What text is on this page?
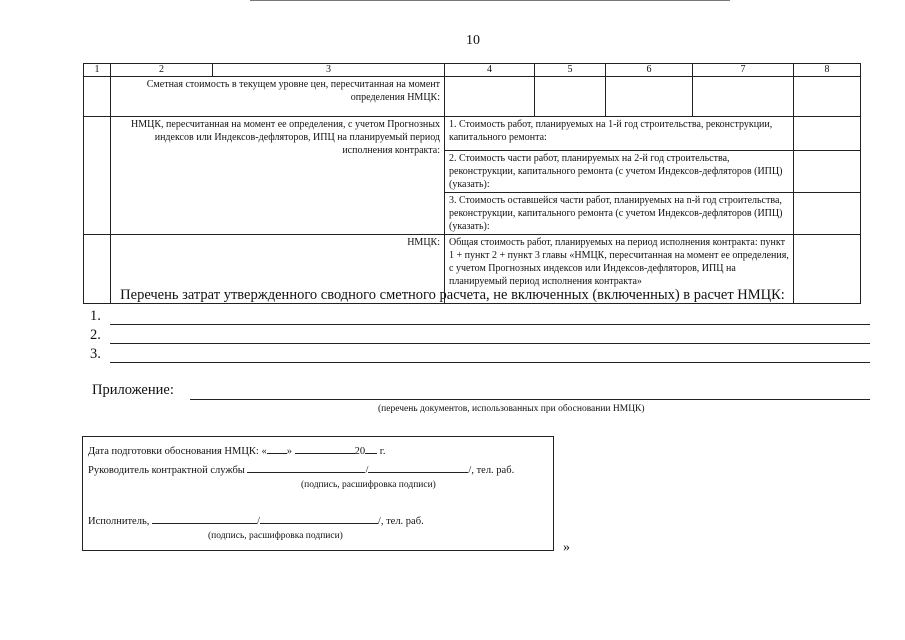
10
1	2	3	4	5	6	7	8
	Сметная стоимость в текущем уровне цен, пересчитанная на момент определения НМЦК:						
	НМЦК, пересчитанная на момент ее определения, с учетом Прогнозных индексов или Индексов-дефляторов, ИПЦ на планируемый период исполнения контракта:		1. Стоимость работ, планируемых на 1-й год строительства, реконструкции, капитального ремонта:				
			2. Стоимость части работ, планируемых на 2-й год строительства, реконструкции, капитального ремонта (с учетом Индексов-дефляторов (ИПЦ) (указать):				
			3. Стоимость оставшейся части работ, планируемых на n-й год строительства, реконструкции, капитального ремонта (с учетом Индексов-дефляторов (ИПЦ) (указать):				
	НМЦК:		Общая стоимость работ, планируемых на период исполнения контракта: пункт 1 + пункт 2 + пункт 3 главы «НМЦК, пересчитанная на момент ее определения, с учетом Прогнозных индексов или Индексов-дефляторов, ИПЦ на планируемый период исполнения контракта»				
Перечень затрат утвержденного сводного сметного расчета, не включенных (включенных) в расчет НМЦК:
1.
2.
3.
Приложение:
(перечень документов, использованных при обосновании НМЦК)
Дата подготовки обоснования НМЦК: « »	20 г.
Руководитель контрактной службы	/	/, тел. раб.
(подпись, расшифровка подписи)
Исполнитель,	/	/, тел. раб.
(подпись, расшифровка подписи)
»
